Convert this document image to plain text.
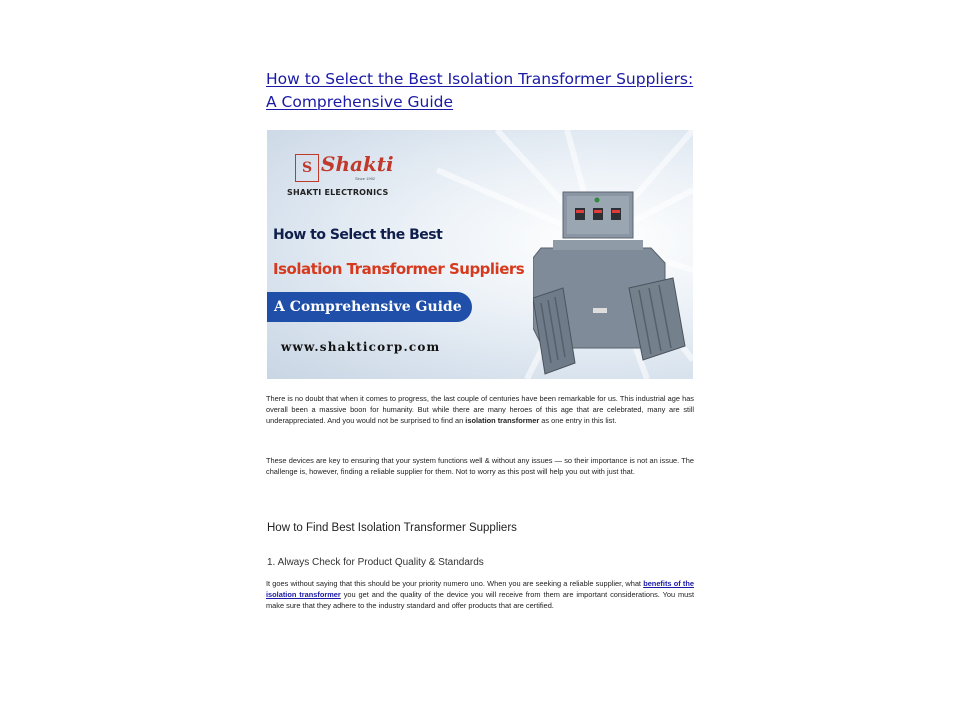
How to Select the Best Isolation Transformer Suppliers: A Comprehensive Guide
S Shakti
Since 1992
SHAKTI ELECTRONICS
How to Select the Best
Isolation Transformer Suppliers
A Comprehensive Guide
www.shakticorp.com

There is no doubt that when it comes to progress, the last couple of centuries have been remarkable for us. This industrial age has overall been a massive boon for humanity. But while there are many heroes of this age that are celebrated, many are still underappreciated. And you would not be surprised to find an isolation transformer as one entry in this list.

These devices are key to ensuring that your system functions well & without any issues — so their importance is not an issue. The challenge is, however, finding a reliable supplier for them. Not to worry as this post will help you out with just that.

How to Find Best Isolation Transformer Suppliers
1. Always Check for Product Quality & Standards

It goes without saying that this should be your priority numero uno. When you are seeking a reliable supplier, what benefits of the isolation transformer you get and the quality of the device you will receive from them are important considerations. You must make sure that they adhere to the industry standard and offer products that are certified.
